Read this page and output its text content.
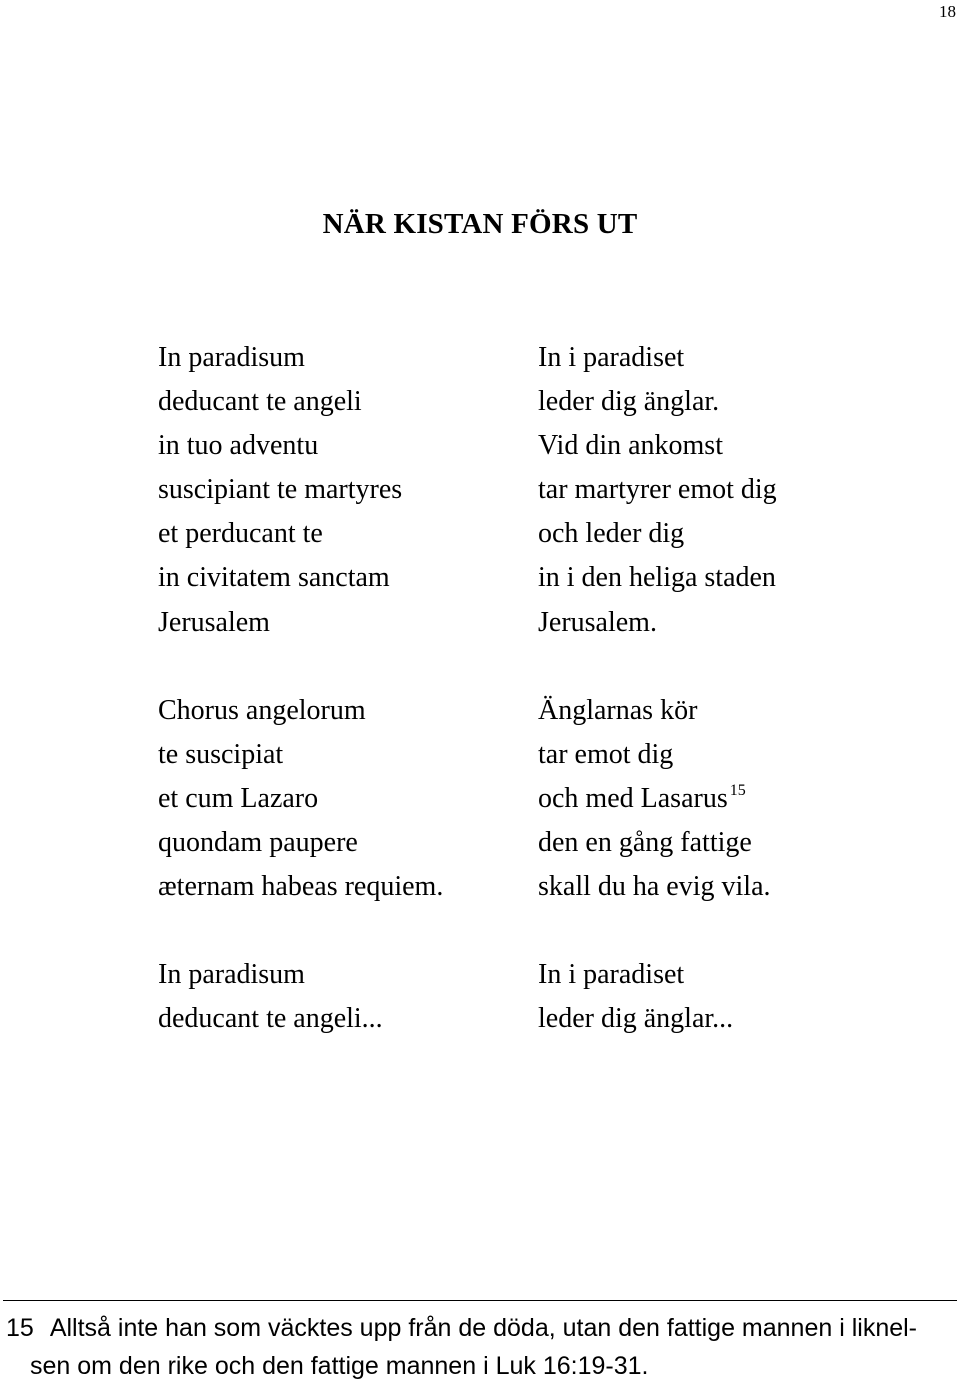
18
NÄR KISTAN FÖRS UT
In paradisum
deducant te angeli
in tuo adventu
suscipiant te martyres
et perducant te
in civitatem sanctam
Jerusalem
Chorus angelorum
te suscipiat
et cum Lazaro
quondam paupere
æternam habeas requiem.
In paradisum
deducant te angeli...
In i paradiset
leder dig änglar.
Vid din ankomst
tar martyrer emot dig
och leder dig
in i den heliga staden
Jerusalem.
Änglarnas kör
tar emot dig
och med Lasarus $^{15}$
den en gång fattige
skall du ha evig vila.
In i paradiset
leder dig änglar...
15 Alltså inte han som väcktes upp från de döda, utan den fattige mannen i liknel-
sen om den rike och den fattige mannen i Luk 16:19-31.
